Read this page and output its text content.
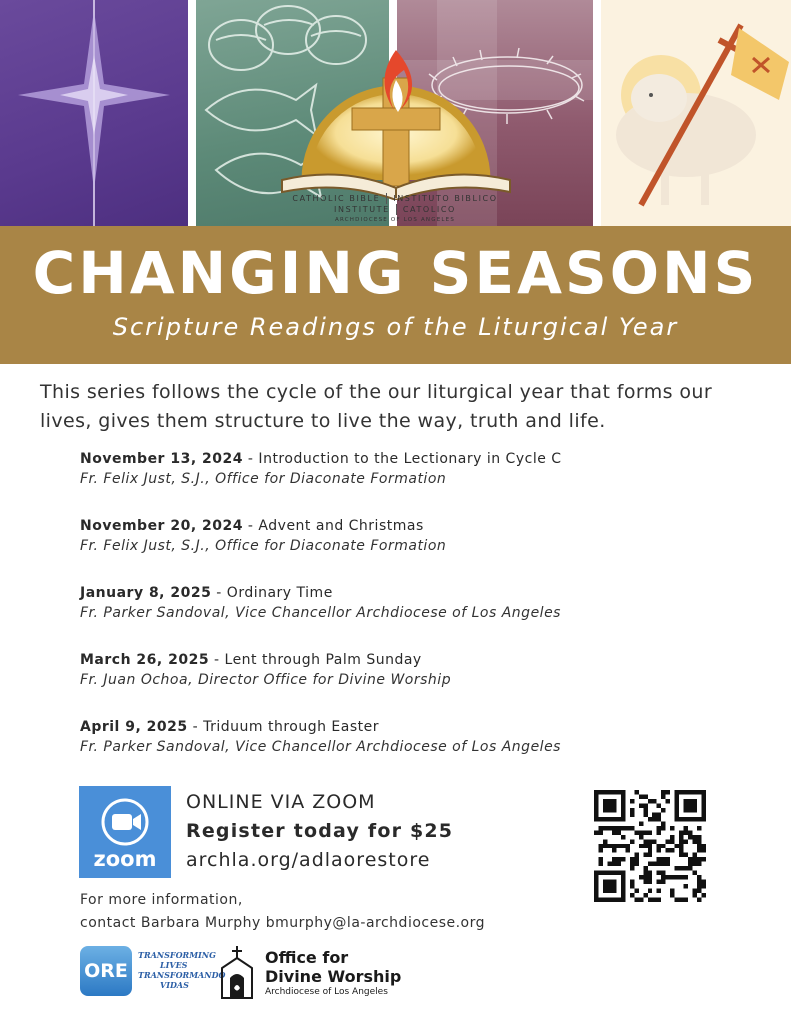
CATHOLIC BIBLE	INSTITUTO BIBLICO
INSTITUTE	CATOLICO
ARCHDIOCESE OF LOS ANGELES
CHANGING SEASONS
Scripture Readings of the Liturgical Year
This series follows the cycle of the our liturgical year that forms our lives, gives them structure to live the way, truth and life.
November 13, 2024 - Introduction to the Lectionary in Cycle C
Fr. Felix Just, S.J., Office for Diaconate Formation
November 20, 2024 - Advent and Christmas
Fr. Felix Just, S.J., Office for Diaconate Formation
January 8, 2025 - Ordinary Time
Fr. Parker Sandoval, Vice Chancellor Archdiocese of Los Angeles
March 26, 2025 - Lent through Palm Sunday
Fr. Juan Ochoa, Director Office for Divine Worship
April 9, 2025 - Triduum through Easter
Fr. Parker Sandoval, Vice Chancellor Archdiocese of Los Angeles
zoom
ONLINE VIA ZOOM
Register today for $25
archla.org/adlaorestore
For more information,
contact Barbara Murphy bmurphy@la-archdiocese.org
ORE
TRANSFORMING
LIVES
TRANSFORMANDO
VIDAS
Office for
Divine Worship
Archdiocese of Los Angeles
